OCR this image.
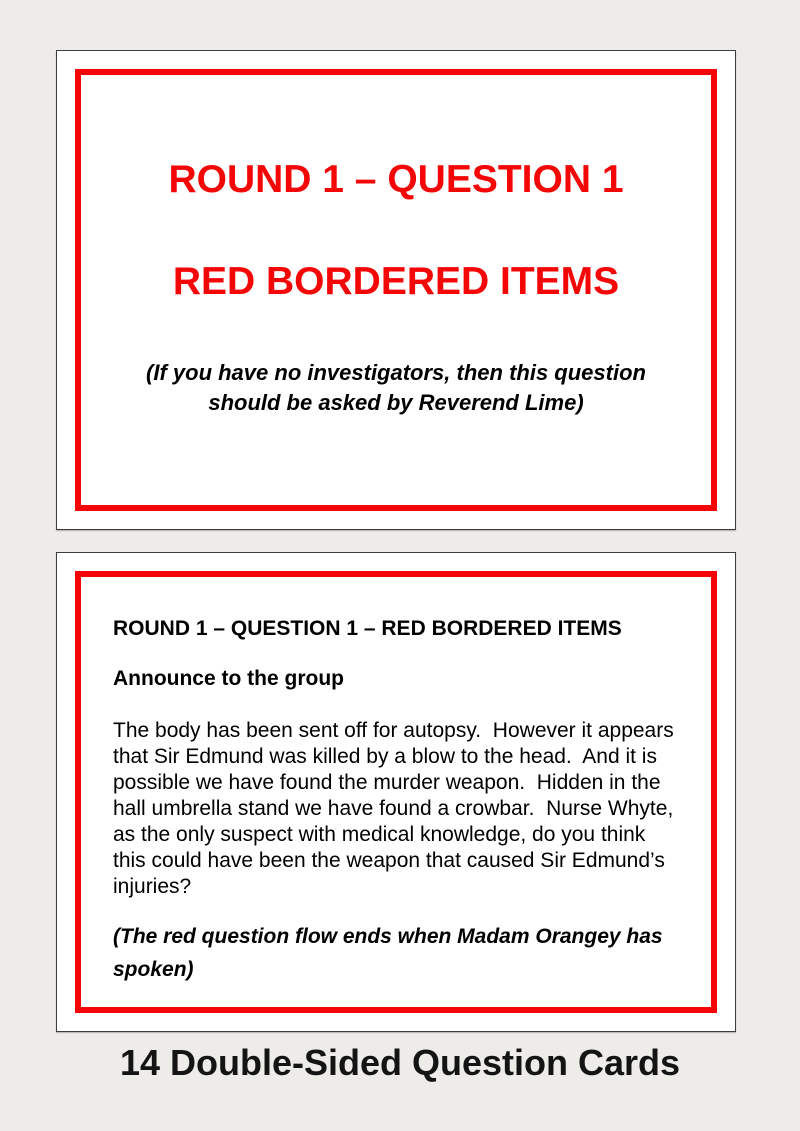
ROUND 1 – QUESTION 1
RED BORDERED ITEMS

(If you have no investigators, then this question should be asked by Reverend Lime)

ROUND 1 – QUESTION 1 – RED BORDERED ITEMS
Announce to the group

The body has been sent off for autopsy.  However it appears that Sir Edmund was killed by a blow to the head.  And it is possible we have found the murder weapon.  Hidden in the hall umbrella stand we have found a crowbar.  Nurse Whyte, as the only suspect with medical knowledge, do you think this could have been the weapon that caused Sir Edmund’s injuries?

(The red question flow ends when Madam Orangey has spoken)

14 Double-Sided Question Cards
